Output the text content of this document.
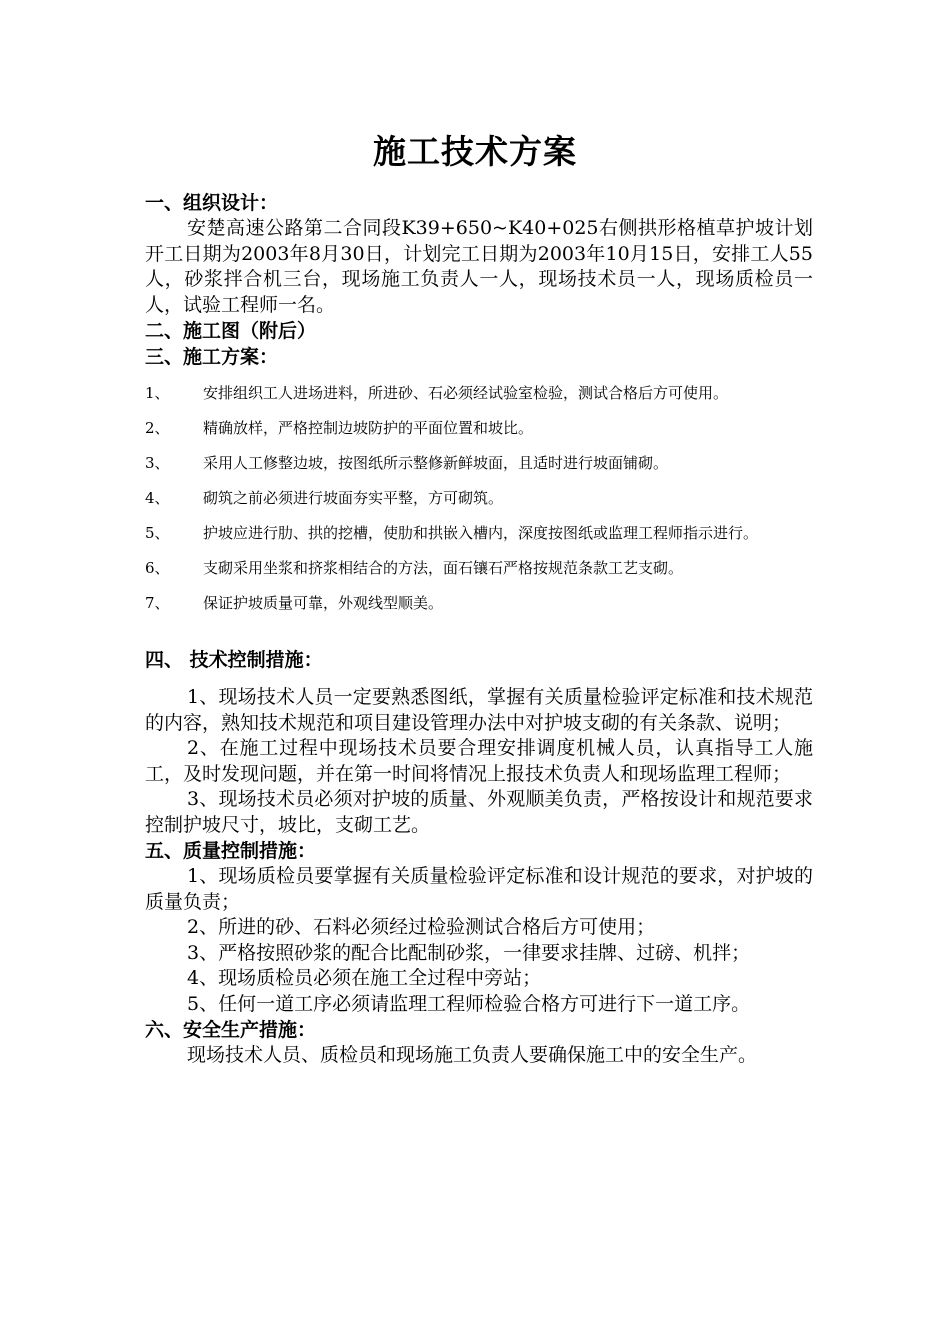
施工技术方案

一、组织设计：

安楚高速公路第二合同段K39+650~K40+025右侧拱形格植草护坡计划开工日期为2003年8月30日，计划完工日期为2003年10月15日，安排工人55人，砂浆拌合机三台，现场施工负责人一人，现场技术员一人，现场质检员一人，试验工程师一名。

二、施工图（附后）

三、施工方案：

1、 安排组织工人进场进料，所进砂、石必须经试验室检验，测试合格后方可使用。
2、 精确放样，严格控制边坡防护的平面位置和坡比。
3、 采用人工修整边坡，按图纸所示整修新鲜坡面，且适时进行坡面铺砌。
4、 砌筑之前必须进行坡面夯实平整，方可砌筑。
5、 护坡应进行肋、拱的挖槽，使肋和拱嵌入槽内，深度按图纸或监理工程师指示进行。
6、 支砌采用坐浆和挤浆相结合的方法，面石镶石严格按规范条款工艺支砌。
7、 保证护坡质量可靠，外观线型顺美。

四、 技术控制措施：

1、现场技术人员一定要熟悉图纸，掌握有关质量检验评定标准和技术规范的内容，熟知技术规范和项目建设管理办法中对护坡支砌的有关条款、说明；

2、在施工过程中现场技术员要合理安排调度机械人员，认真指导工人施工，及时发现问题，并在第一时间将情况上报技术负责人和现场监理工程师；

3、现场技术员必须对护坡的质量、外观顺美负责，严格按设计和规范要求控制护坡尺寸，坡比，支砌工艺。

五、质量控制措施：

1、现场质检员要掌握有关质量检验评定标准和设计规范的要求，对护坡的质量负责；

2、所进的砂、石料必须经过检验测试合格后方可使用；

3、严格按照砂浆的配合比配制砂浆，一律要求挂牌、过磅、机拌；

4、现场质检员必须在施工全过程中旁站；

5、任何一道工序必须请监理工程师检验合格方可进行下一道工序。

六、安全生产措施：

现场技术人员、质检员和现场施工负责人要确保施工中的安全生产。
